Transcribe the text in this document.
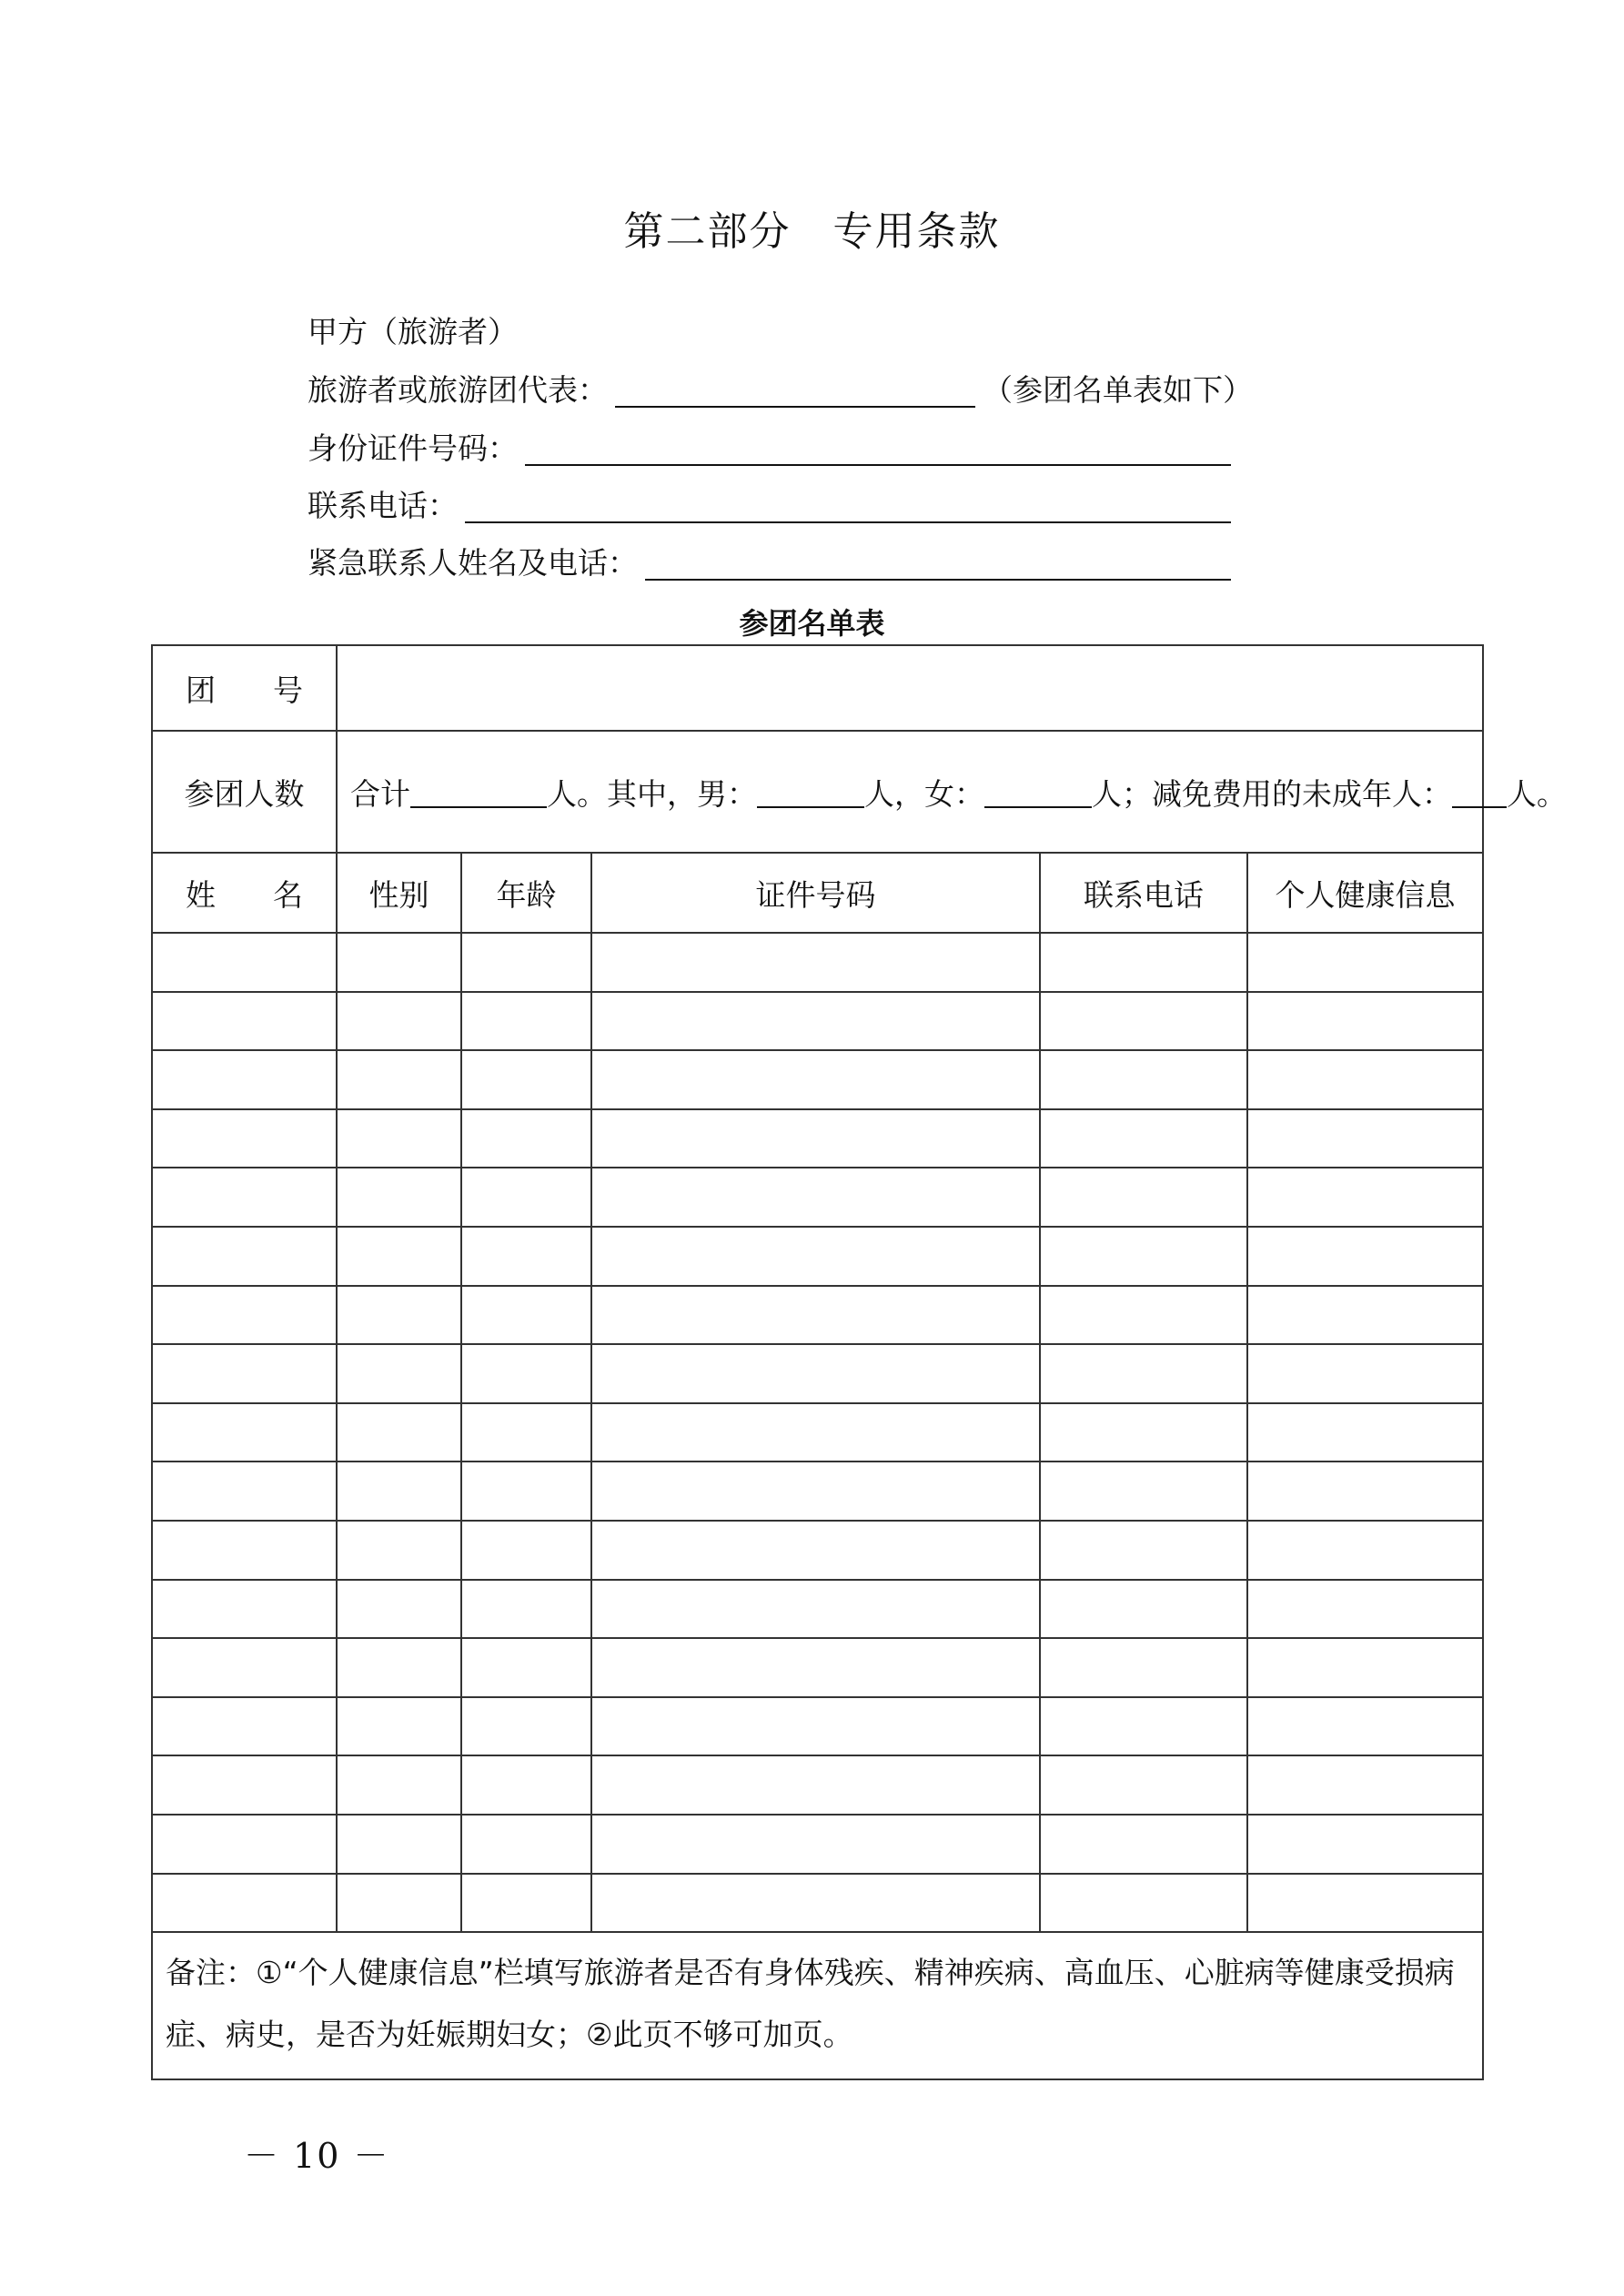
第二部分　专用条款
甲方（旅游者）
旅游者或旅游团代表：	（参团名单表如下）
身份证件号码：
联系电话：
紧急联系人姓名及电话：
参团名单表
团 号					

参团人数	合计 人。其中，男： 人，女： 人；减免费用的未成年人： 人。				

姓 名	性别	年龄	证件号码	联系电话	个人健康信息

备注：①“个人健康信息”栏填写旅游者是否有身体残疾、精神疾病、高血压、心脏病等健康受损病症、病史，是否为妊娠期妇女；②此页不够可加页。					
－ 10 －
